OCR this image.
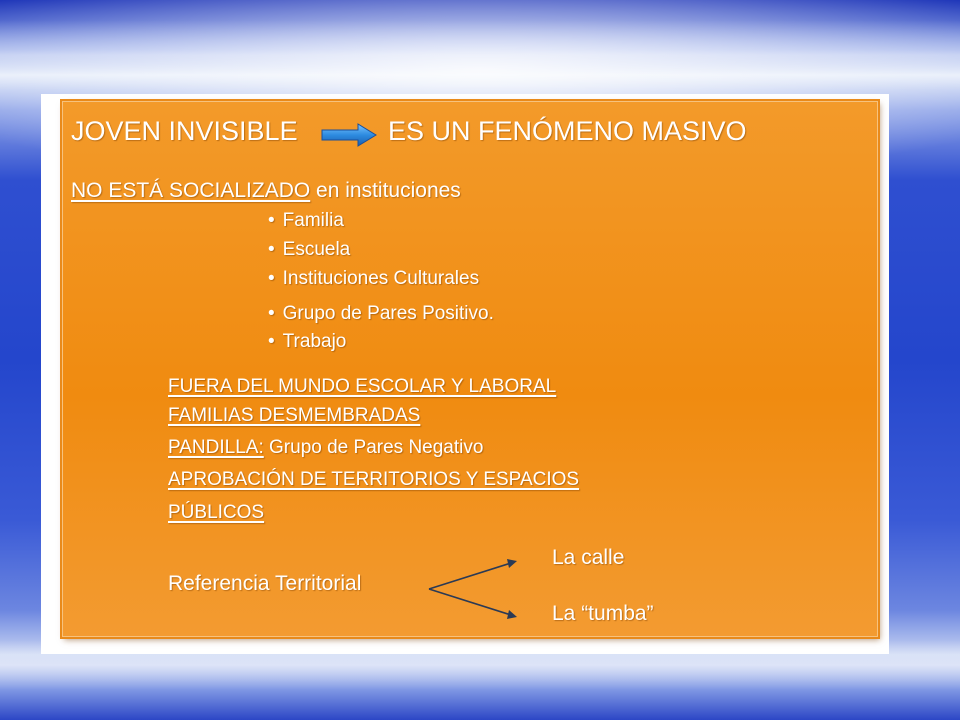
JOVEN INVISIBLE	ES UN FENÓMENO MASIVO
NO ESTÁ SOCIALIZADO en instituciones
• Familia
• Escuela
• Instituciones Culturales
• Grupo de Pares Positivo.
• Trabajo
FUERA DEL MUNDO ESCOLAR Y LABORAL
FAMILIAS DESMEMBRADAS
PANDILLA: Grupo de Pares Negativo
APROBACIÓN DE TERRITORIOS Y ESPACIOS
PÚBLICOS
Referencia Territorial
La calle
La “tumba”
